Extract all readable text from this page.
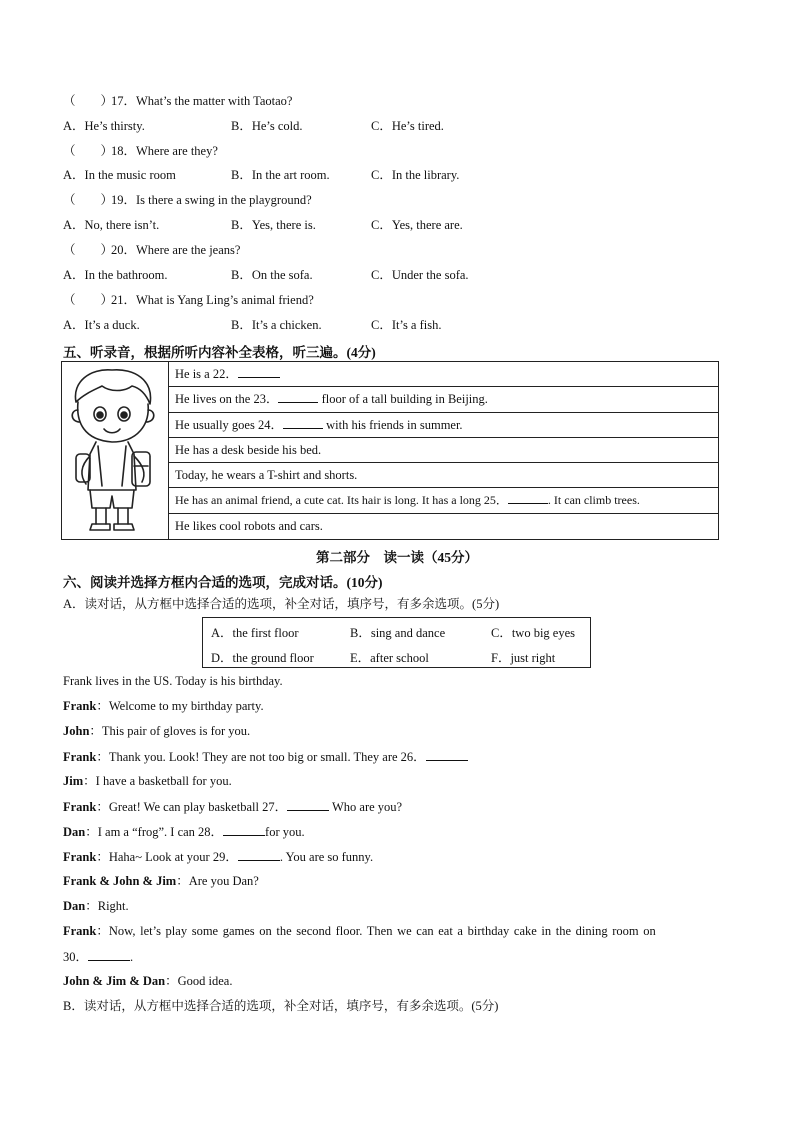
（　　）17．What’s the matter with Taotao?
A．He’s thirsty.	B．He’s cold.	C．He’s tired.
（　　）18．Where are they?
A．In the music room	B．In the art room.	C．In the library.
（　　）19．Is there a swing in the playground?
A．No, there isn’t.	B．Yes, there is.	C．Yes, there are.
（　　）20．Where are the jeans?
A．In the bathroom.	B．On the sofa.	C．Under the sofa.
（　　）21．What is Yang Ling’s animal friend?
A．It’s a duck.	B．It’s a chicken.	C．It’s a fish.
五、听录音，根据所听内容补全表格，听三遍。(4分)
He is a 22．
He lives on the 23．	floor of a tall building in Beijing.
He usually goes 24．	with his friends in summer.
He has a desk beside his bed.
Today, he wears a T-shirt and shorts.
He has an animal friend, a cute cat. Its hair is long. It has a long 25．	. It can climb trees.
He likes cool robots and cars.
第二部分　读一读（45分）
六、阅读并选择方框内合适的选项，完成对话。(10分)
A．读对话，从方框中选择合适的选项，补全对话，填序号，有多余选项。(5分)
A．the first floor	B．sing and dance	C．two big eyes
D．the ground floor	E．after school	F．just right
Frank lives in the US. Today is his birthday.
Frank：Welcome to my birthday party.
John：This pair of gloves is for you.
Frank：Thank you. Look! They are not too big or small. They are 26．
Jim：I have a basketball for you.
Frank：Great! We can play basketball 27．	Who are you?
Dan：I am a “frog”. I can 28．	for you.
Frank：Haha~ Look at your 29．	. You are so funny.
Frank & John & Jim：Are you Dan?
Dan：Right.
Frank：Now, let’s play some games on the second floor. Then we can eat a birthday cake in the dining room on
30．	.
John & Jim & Dan：Good idea.
B．读对话，从方框中选择合适的选项，补全对话，填序号，有多余选项。(5分)
